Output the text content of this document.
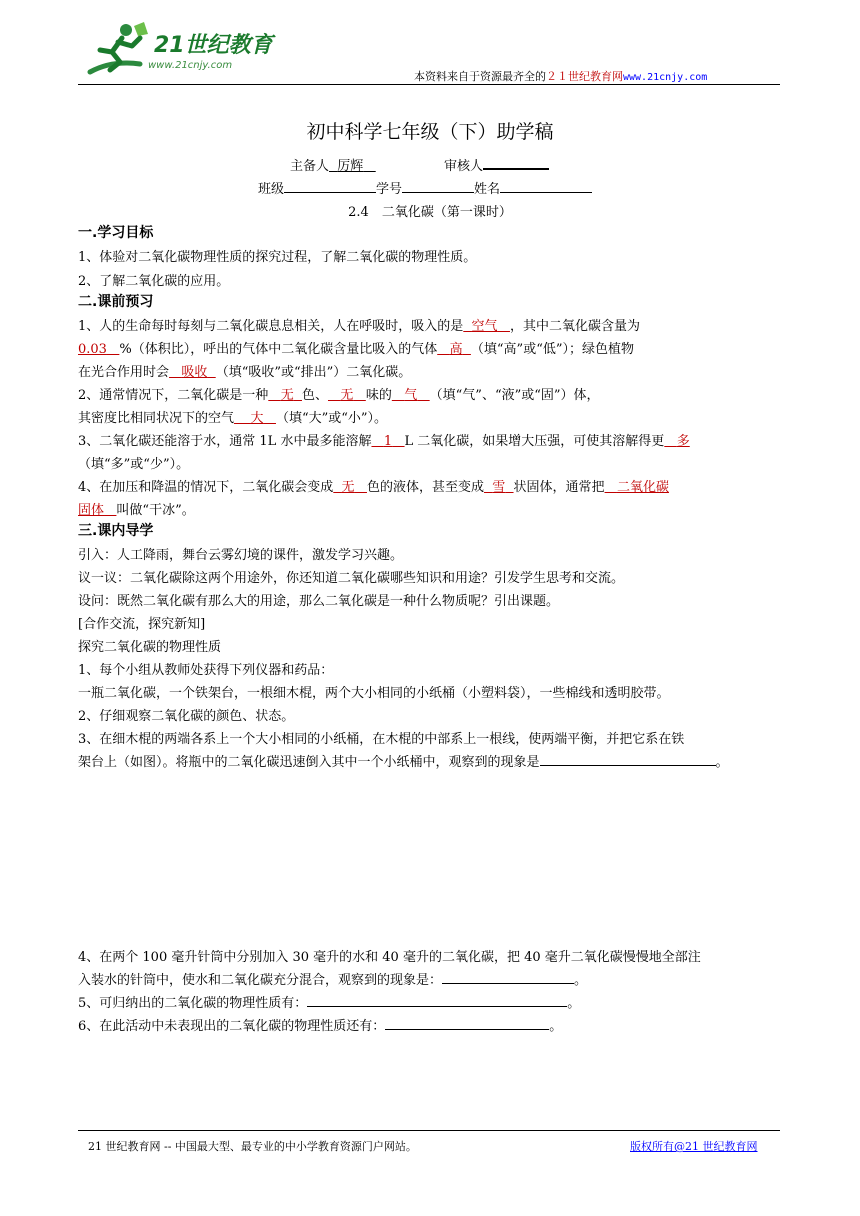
21世纪教育
www.21cnjy.com
本资料来自于资源最齐全的２１世纪教育网www.21cnjy.com
初中科学七年级（下）助学稿
主备人 厉辉	审核人
班级	学号	姓名
2.4　二氧化碳（第一课时）
一.学习目标
1、体验对二氧化碳物理性质的探究过程，了解二氧化碳的物理性质。
2、了解二氧化碳的应用。
二.课前预习
1、人的生命每时每刻与二氧化碳息息相关，人在呼吸时，吸入的是 空气 ，其中二氧化碳含量为
0.03 %（体积比），呼出的气体中二氧化碳含量比吸入的气体 高 （填“高”或“低”）；绿色植物
在光合作用时会 吸收 （填“吸收”或“排出”）二氧化碳。
2、通常情况下，二氧化碳是一种 无 色、 无 味的 气 （填“气”、“液”或“固”）体，
其密度比相同状况下的空气 大 （填“大”或“小”）。
3、二氧化碳还能溶于水，通常 1L 水中最多能溶解 1 L 二氧化碳，如果增大压强，可使其溶解得更 多
（填“多”或“少”）。
4、在加压和降温的情况下，二氧化碳会变成 无 色的液体，甚至变成 雪 状固体，通常把 二氧化碳
固体 叫做“干冰”。
三.课内导学
引入：人工降雨，舞台云雾幻境的课件，激发学习兴趣。
议一议：二氧化碳除这两个用途外，你还知道二氧化碳哪些知识和用途？引发学生思考和交流。
设问：既然二氧化碳有那么大的用途，那么二氧化碳是一种什么物质呢？引出课题。
[合作交流，探究新知]
探究二氧化碳的物理性质
1、每个小组从教师处获得下列仪器和药品：
一瓶二氧化碳，一个铁架台，一根细木棍，两个大小相同的小纸桶（小塑料袋），一些棉线和透明胶带。
2、仔细观察二氧化碳的颜色、状态。
3、在细木棍的两端各系上一个大小相同的小纸桶，在木棍的中部系上一根线，使两端平衡，并把它系在铁
架台上（如图）。将瓶中的二氧化碳迅速倒入其中一个小纸桶中，观察到的现象是	。
4、在两个 100 毫升针筒中分别加入 30 毫升的水和 40 毫升的二氧化碳，把 40 毫升二氧化碳慢慢地全部注
入装水的针筒中，使水和二氧化碳充分混合，观察到的现象是：	。
5、可归纳出的二氧化碳的物理性质有：	。
6、在此活动中未表现出的二氧化碳的物理性质还有：	。
21 世纪教育网 -- 中国最大型、最专业的中小学教育资源门户网站。	版权所有@21 世纪教育网
